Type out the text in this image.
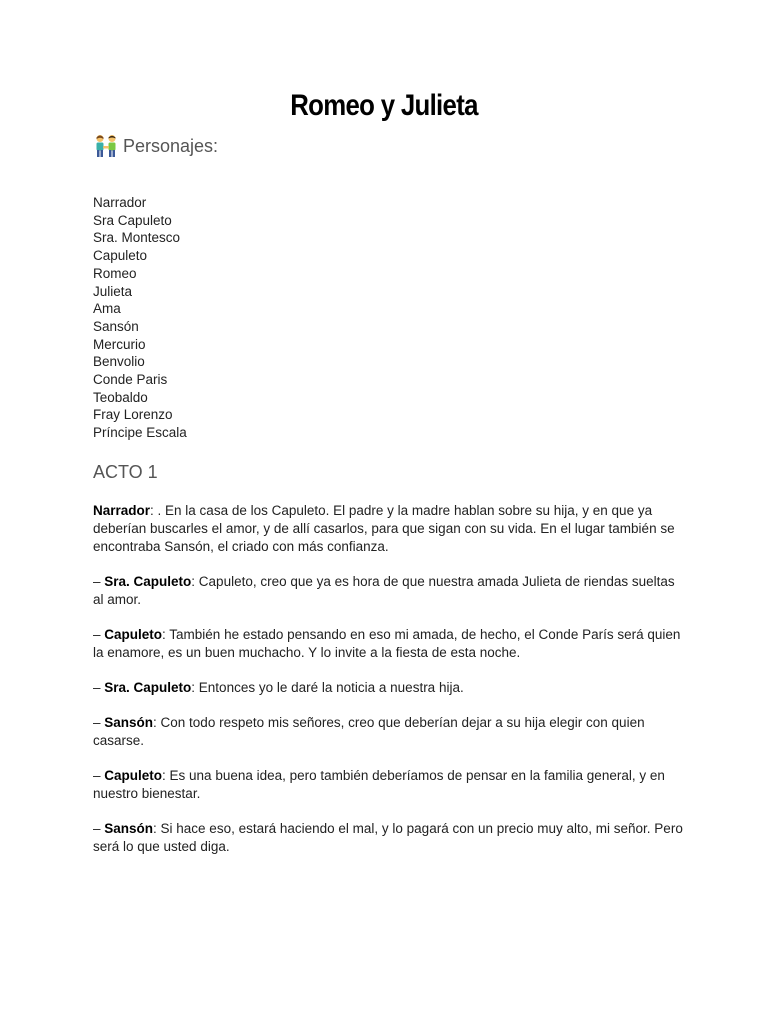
Romeo y Julieta
Personajes:
Narrador
Sra Capuleto
Sra. Montesco
Capuleto
Romeo
Julieta
Ama
Sansón
Mercurio
Benvolio
Conde Paris
Teobaldo
Fray Lorenzo
Príncipe Escala
ACTO 1

Narrador: . En la casa de los Capuleto. El padre y la madre hablan sobre su hija, y en que ya deberían buscarles el amor, y de allí casarlos, para que sigan con su vida. En el lugar también se encontraba Sansón, el criado con más confianza.

– Sra. Capuleto: Capuleto, creo que ya es hora de que nuestra amada Julieta de riendas sueltas al amor.

– Capuleto: También he estado pensando en eso mi amada, de hecho, el Conde París será quien la enamore, es un buen muchacho. Y lo invite a la fiesta de esta noche.

– Sra. Capuleto: Entonces yo le daré la noticia a nuestra hija.

– Sansón: Con todo respeto mis señores, creo que deberían dejar a su hija elegir con quien casarse.

– Capuleto: Es una buena idea, pero también deberíamos de pensar en la familia general, y en nuestro bienestar.

– Sansón: Si hace eso, estará haciendo el mal, y lo pagará con un precio muy alto, mi señor. Pero será lo que usted diga.
